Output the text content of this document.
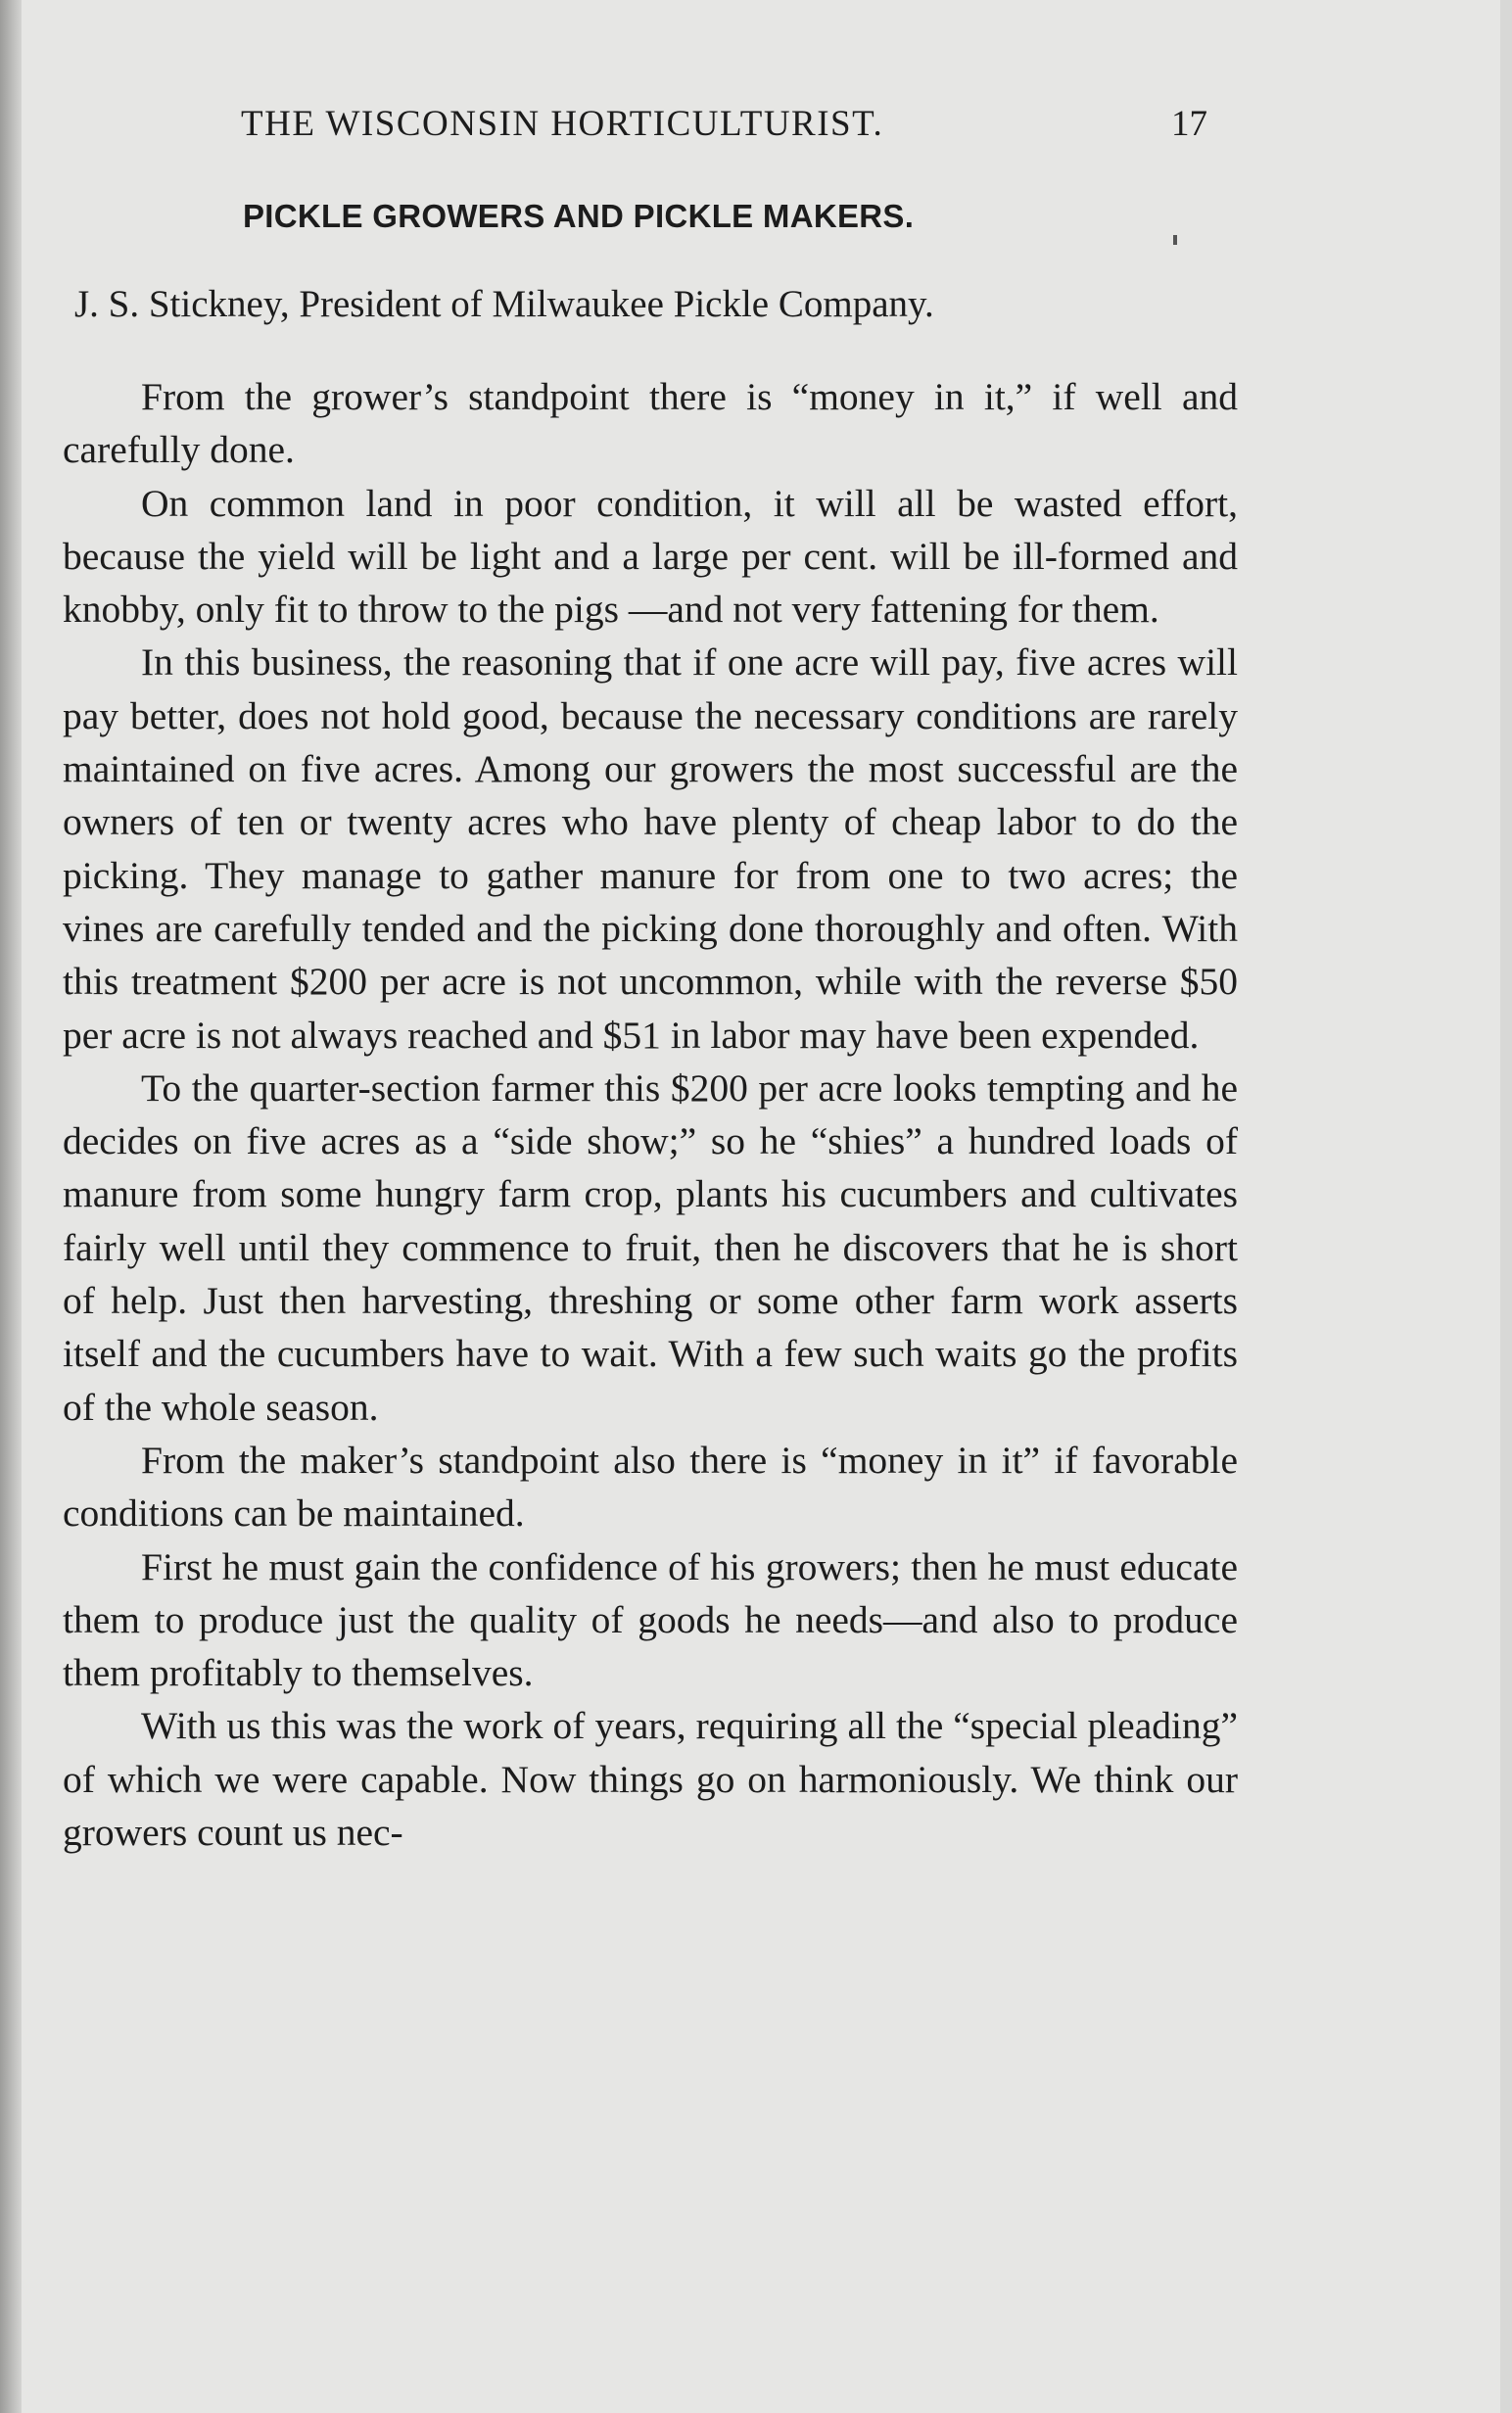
THE WISCONSIN HORTICULTURIST.	17
PICKLE GROWERS AND PICKLE MAKERS.
J. S. Stickney, President of Milwaukee Pickle Company.

From the grower’s standpoint there is “money in it,” if well and carefully done.

On common land in poor condition, it will all be wasted effort, because the yield will be light and a large per cent. will be ill-formed and knobby, only fit to throw to the pigs —and not very fattening for them.

In this business, the reasoning that if one acre will pay, five acres will pay better, does not hold good, because the necessary conditions are rarely maintained on five acres. Among our growers the most successful are the owners of ten or twenty acres who have plenty of cheap labor to do the picking. They manage to gather manure for from one to two acres; the vines are carefully tended and the picking done thoroughly and often. With this treatment $200 per acre is not uncommon, while with the reverse $50 per acre is not always reached and $51 in labor may have been expended.

To the quarter-section farmer this $200 per acre looks tempting and he decides on five acres as a “side show;” so he “shies” a hundred loads of manure from some hungry farm crop, plants his cucumbers and cultivates fairly well until they commence to fruit, then he discovers that he is short of help. Just then harvesting, threshing or some other farm work asserts itself and the cucumbers have to wait. With a few such waits go the profits of the whole season.

From the maker’s standpoint also there is “money in it” if favorable conditions can be maintained.

First he must gain the confidence of his growers; then he must educate them to produce just the quality of goods he needs—and also to produce them profitably to themselves.

With us this was the work of years, requiring all the “special pleading” of which we were capable. Now things go on harmoniously. We think our growers count us nec-
